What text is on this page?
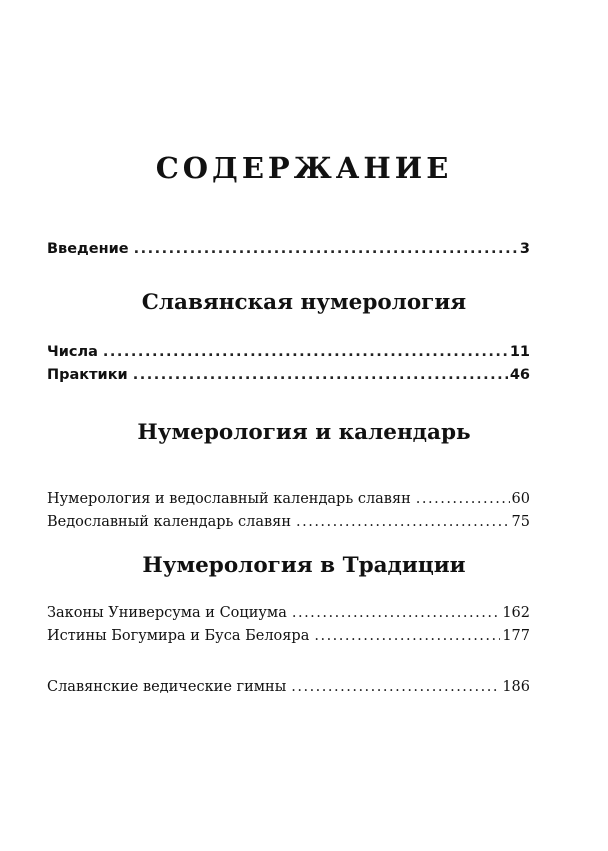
СОДЕРЖАНИЕ
Введение .....	3
Славянская нумерология
Числа .....	11
Практики .....	46
Нумерология и календарь
Нумерология и ведославный календарь славян .....	60
Ведославный календарь славян .....	75
Нумерология в Традиции
Законы Универсума и Социума .....	162
Истины Богумира и Буса Белояра .....	177
Славянские ведические гимны .....	186
